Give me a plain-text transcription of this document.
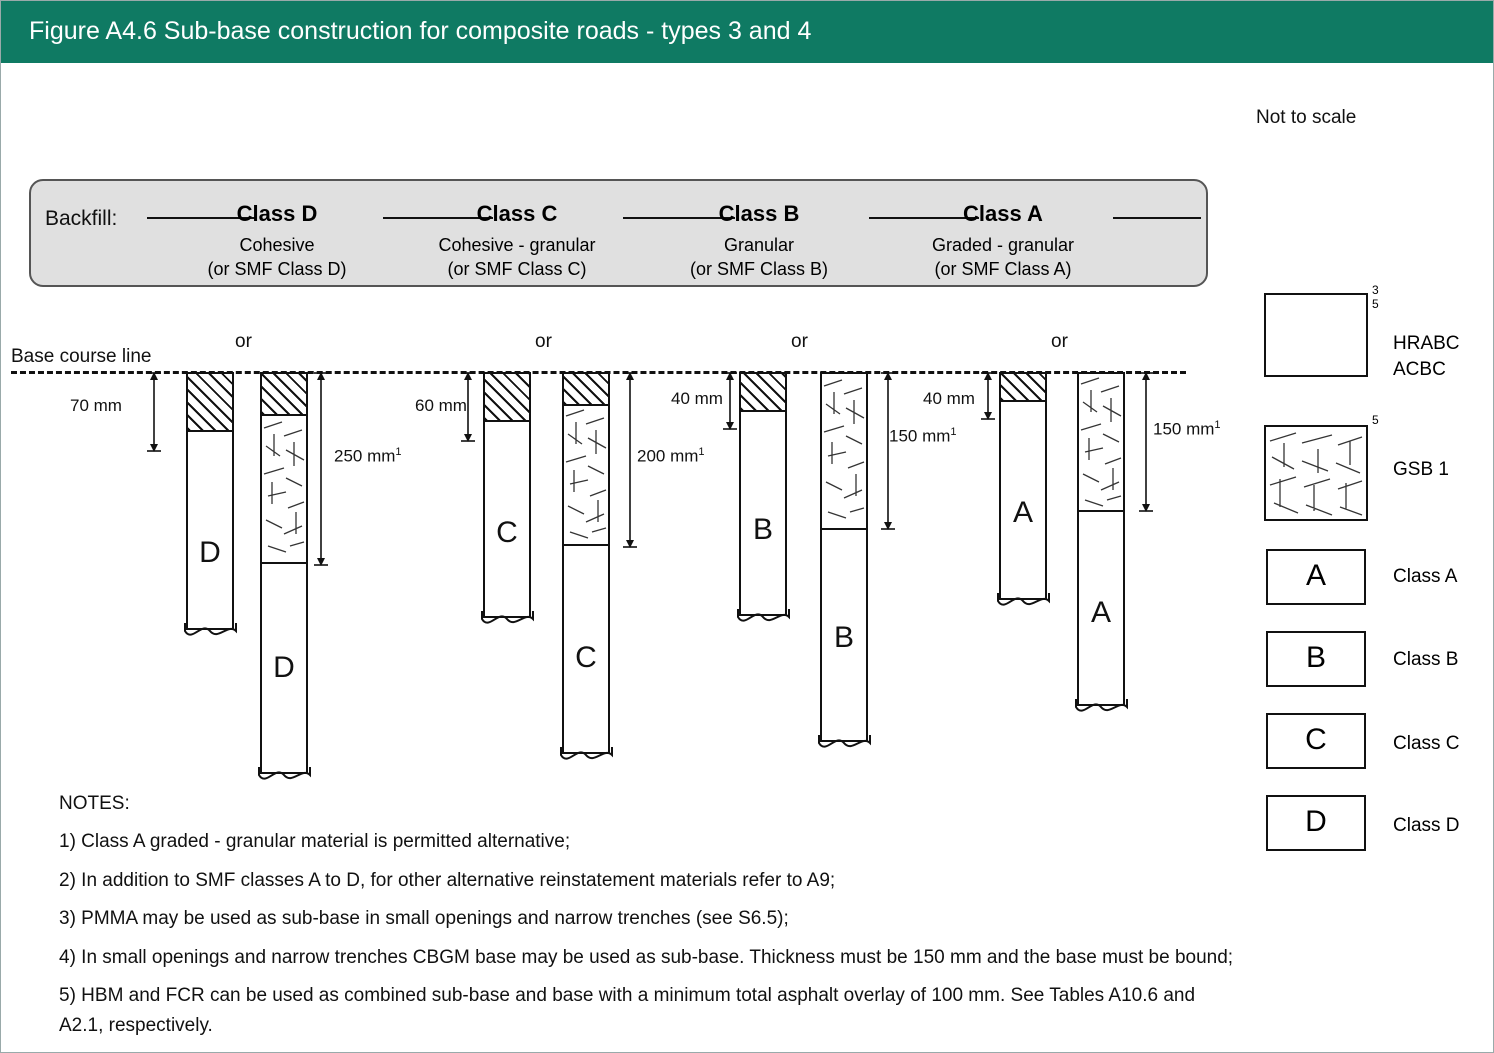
Figure A4.6 Sub-base construction for composite roads - types 3 and 4
Not to scale
Backfill:	Class D	Class C	Class B	Class A
Cohesive
(or SMF Class D)
Cohesive - granular
(or SMF Class C)
Granular
(or SMF Class B)
Graded - granular
(or SMF Class A)
Base course line
or
D
70 mm
D
250 $mm^1$
or
C
60 mm
C
200 $mm^1$
or
B
40 mm
B
150 $mm^1$
or
A
40 mm
A
150 $mm^1$
3
5
HRABC
ACBC
5
GSB 1
A	Class A
B	Class B
C	Class C
D	Class D

NOTES:

1) Class A graded - granular material is permitted alternative;

2) In addition to SMF classes A to D, for other alternative reinstatement materials refer to A9;

3) PMMA may be used as sub-base in small openings and narrow trenches (see S6.5);

4) In small openings and narrow trenches CBGM base may be used as sub-base. Thickness must be 150 mm and the base must be bound;

5) HBM and FCR can be used as combined sub-base and base with a minimum total asphalt overlay of 100 mm. See Tables A10.6 and A2.1, respectively.
